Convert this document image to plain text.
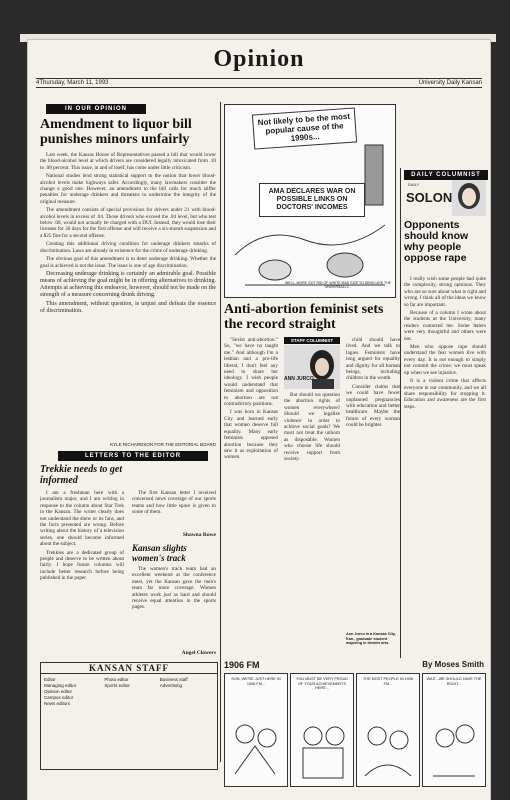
Opinion
4 Thursday, March 11, 1993	University Daily Kansan
IN OUR OPINION
Amendment to liquor bill punishes minors unfairly

Last week, the Kansas House of Representatives passed a bill that would lower the blood-alcohol level at which drivers are considered legally intoxicated from .10 to .08 percent. This issue, in and of itself, has come under little criticism.

National studies lend strong statistical support to the notion that lower blood-alcohol levels make highways safer. Accordingly, many lawmakers consider the change a good one. However, an amendment to the bill calls for much stiffer penalties for underage drinkers and threatens to undermine the integrity of the original measure.

The amendment consists of special provisions for drivers under 21 with blood-alcohol levels in excess of .04. Those drivers who exceed the .04 level, but who test below .08, would not actually be charged with a DUI. Instead, they would lose their licenses for 30 days for the first offense and will receive a six-month suspension and a $25 fine for a second offense.

Creating this additional driving condition for underage drinkers smacks of discrimination. Laws are already in existence for the crime of underage drinking.

The obvious goal of this amendment is to deter underage drinking. Whether the goal is achieved is not the issue. The issue is one of age discrimination.

Decreasing underage drinking is certainly an admirable goal. Possible means of achieving the goal might be in offering alternatives to drinking. Attempts at achieving this endeavor, however, should not be made on the strength of a measure concerning drunk driving.

This amendment, without question, is unjust and defeats the essence of discrimination.

KYLE RICHARDSON FOR THE EDITORIAL BOARD
LETTERS TO THE EDITOR
Trekkie needs to get informed

I am a freshman here with a journalism major, and I am writing in response to the column about Star Trek in the Kansan. The writer clearly does not understand the show or its fans, and the facts presented are wrong. Before writing about the history of a television series, one should become informed about the subject.

Trekkies are a dedicated group of people and deserve to be written about fairly. I hope future columns will include better research before being published in the paper.

The first Kansan letter I received concerned news coverage of our sports teams and how little space is given to some of them.

Shawna Rowe
Kansan slights women's track

The women's track team had an excellent weekend at the conference meet, yet the Kansan gave the men's team far more coverage. Women athletes work just as hard and should receive equal attention in the sports pages.

Angel Clowers
KANSAN STAFF
Editor
Managing editor
Opinion editor
Campus editor
News editors
Photo editor
Sports editor
Business staff
Advertising
Not likely to be the most popular cause of the 1990s...
AMA DECLARES WAR ON POSSIBLE LINKS ON DOCTORS' INCOMES
WELL, MORE GOT RID OF WHITE MAD SIZE TO SEND LIKE THE UNIVERSALLY...
Anti-abortion feminist sets the record straight

"Sexist anti-abortion." So, "we have no taught me." And although I'm a lesbian and a pro-life liberal, I don't feel any need to share her ideology. I wish people would understand that feminism and opposition to abortion are not contradictory positions.

I was born in Kansas City and learned early that women deserve full equality. Many early feminists opposed abortion because they saw it as exploitation of women.

STAFF COLUMNIST
ANN JURCO

But should we question the abortion rights of women everywhere? Should we legalize violence in order to achieve social goals? We must not treat the unborn as disposable. Women who choose life should receive support from society.

child should have lived. And we talk to lagies. Feminists have long argued for equality and dignity for all human beings, including children in the womb.

Consider claims that we could have fewer unplanned pregnancies with education and better healthcare. Maybe the future of every woman could be brighter.

Ann Jurco is a Kansas City, Kan., graduate student majoring in theatre arts.
DAILY COLUMNIST
DAILY
SOLON
Opponents should know why people oppose rape

I really wish some people had quite the complexity, strong opinions. They who are so sure about what is right and wrong. I think all of the ideas we know so far are important.

Because of a column I wrote about the students at the University, many readers contacted me. Some letters were very thoughtful and others were not.

Men who oppose rape should understand the fear women live with every day. It is not enough to simply not commit the crime; we must speak up when we see injustice.

It is a violent crime that affects everyone in our community, and we all share responsibility for stopping it. Education and awareness are the first steps.

1906 FM	By Moses Smith
SON, WE'RE JUST HERE IN 1906 FM...
YOU MUST BE VERY PROUD OF YOUR ACHIEVEMENTS HERE...
THE MOST PEOPLE IN 1906 FM...
WAIT...WE SHOULD HAVE THE RIGHT...
